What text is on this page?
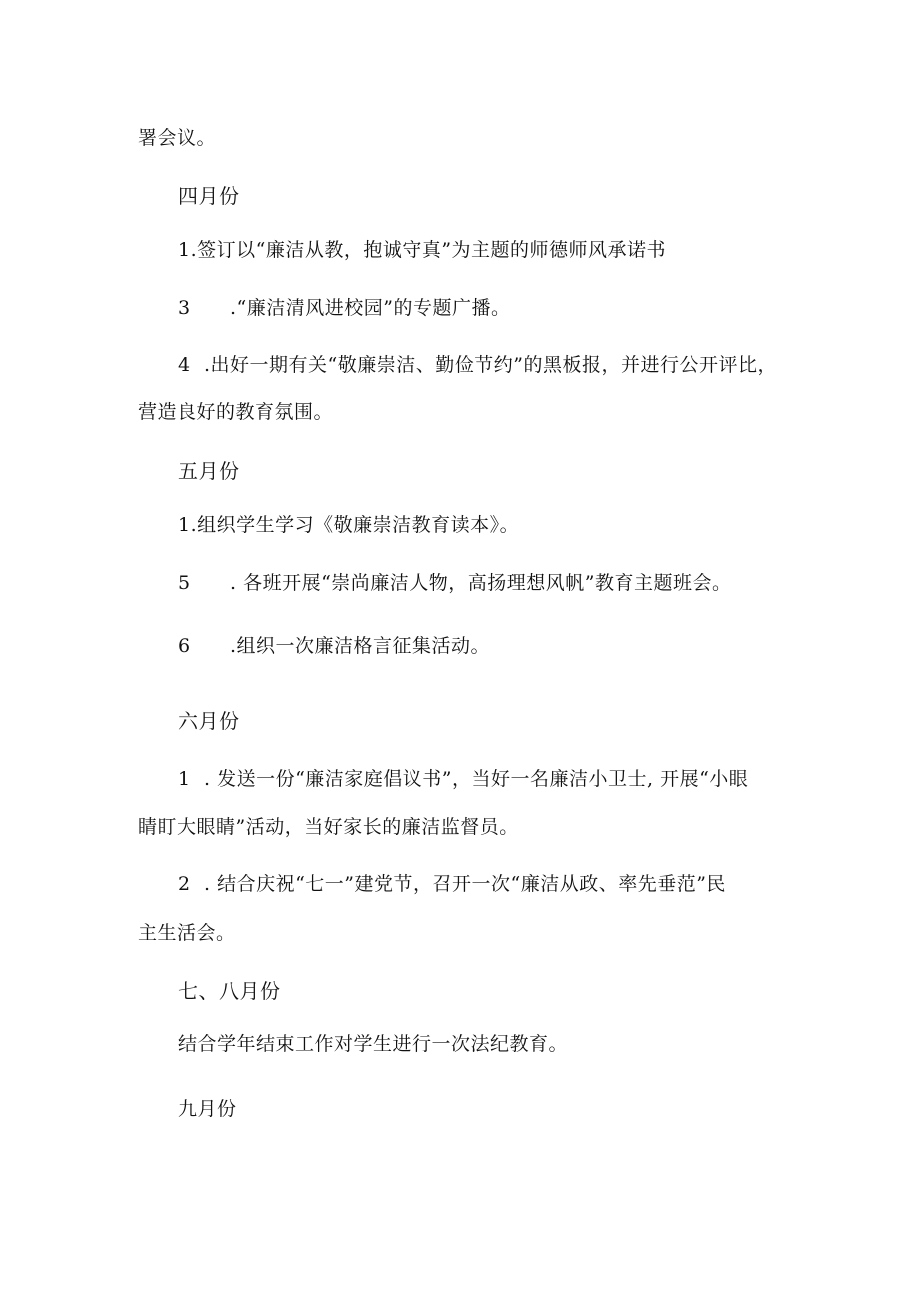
署会议。
四月份
1.签订以“廉洁从教，抱诚守真”为主题的师德师风承诺书
3 .“廉洁清风进校园”的专题广播。
4 .出好一期有关“敬廉崇洁、勤俭节约”的黑板报，并进行公开评比，
营造良好的教育氛围。
五月份
1.组织学生学习《敬廉崇洁教育读本》。
5 . 各班开展“崇尚廉洁人物，高扬理想风帆”教育主题班会。
6 .组织一次廉洁格言征集活动。
六月份
1 . 发送一份“廉洁家庭倡议书”，当好一名廉洁小卫士, 开展“小眼
睛盯大眼睛”活动，当好家长的廉洁监督员。
2 . 结合庆祝“七一”建党节，召开一次“廉洁从政、率先垂范”民
主生活会。
七、八月份
结合学年结束工作对学生进行一次法纪教育。
九月份
